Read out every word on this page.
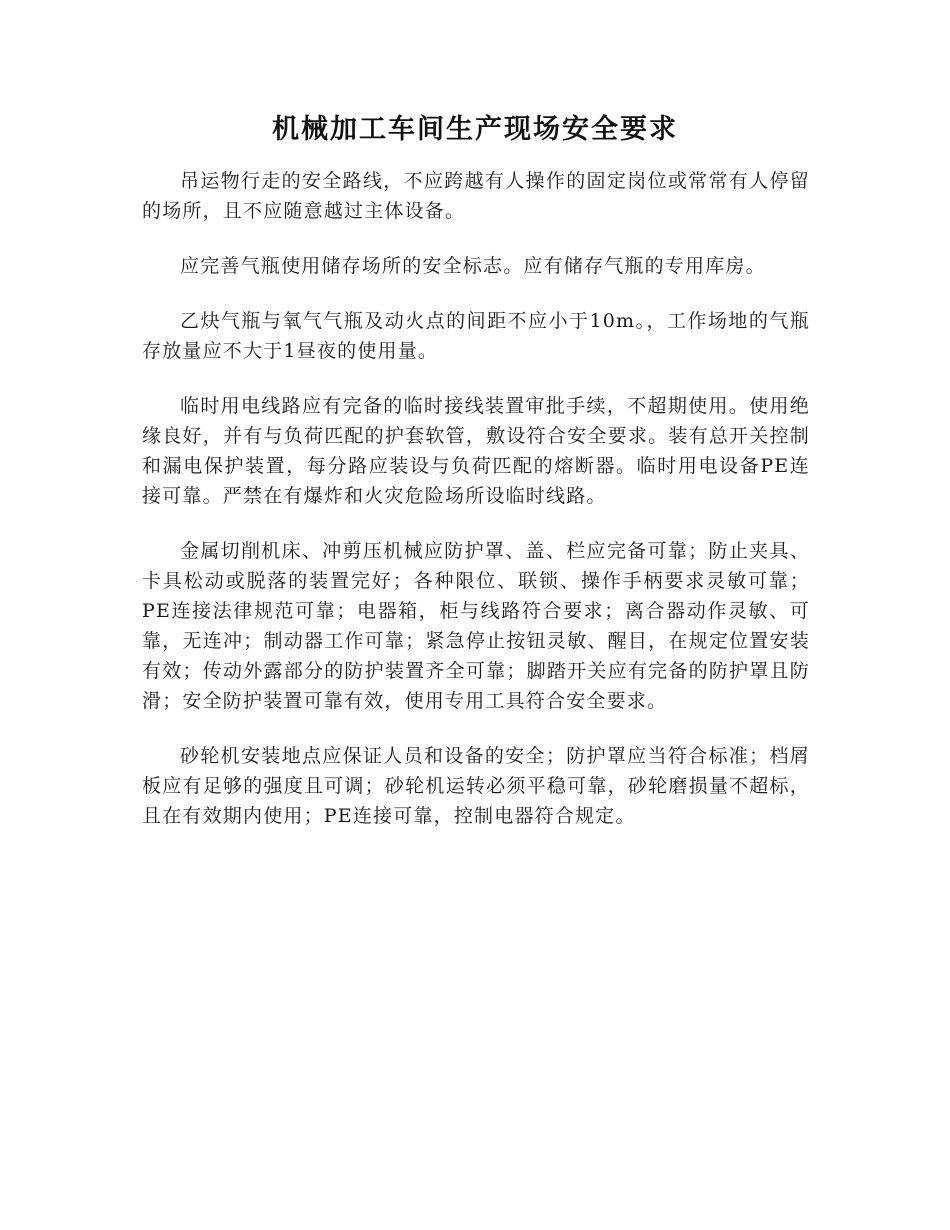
机械加工车间生产现场安全要求

吊运物行走的安全路线，不应跨越有人操作的固定岗位或常常有人停留的场所，且不应随意越过主体设备。

应完善气瓶使用储存场所的安全标志。应有储存气瓶的专用库房。

乙炔气瓶与氧气气瓶及动火点的间距不应小于10m。，工作场地的气瓶存放量应不大于1昼夜的使用量。

临时用电线路应有完备的临时接线装置审批手续，不超期使用。使用绝缘良好，并有与负荷匹配的护套软管，敷设符合安全要求。装有总开关控制和漏电保护装置，每分路应装设与负荷匹配的熔断器。临时用电设备PE连接可靠。严禁在有爆炸和火灾危险场所设临时线路。

金属切削机床、冲剪压机械应防护罩、盖、栏应完备可靠；防止夹具、卡具松动或脱落的装置完好；各种限位、联锁、操作手柄要求灵敏可靠；PE连接法律规范可靠；电器箱，柜与线路符合要求；离合器动作灵敏、可靠，无连冲；制动器工作可靠；紧急停止按钮灵敏、醒目，在规定位置安装有效；传动外露部分的防护装置齐全可靠；脚踏开关应有完备的防护罩且防滑；安全防护装置可靠有效，使用专用工具符合安全要求。

砂轮机安装地点应保证人员和设备的安全；防护罩应当符合标准；档屑板应有足够的强度且可调；砂轮机运转必须平稳可靠，砂轮磨损量不超标，且在有效期内使用；PE连接可靠，控制电器符合规定。
